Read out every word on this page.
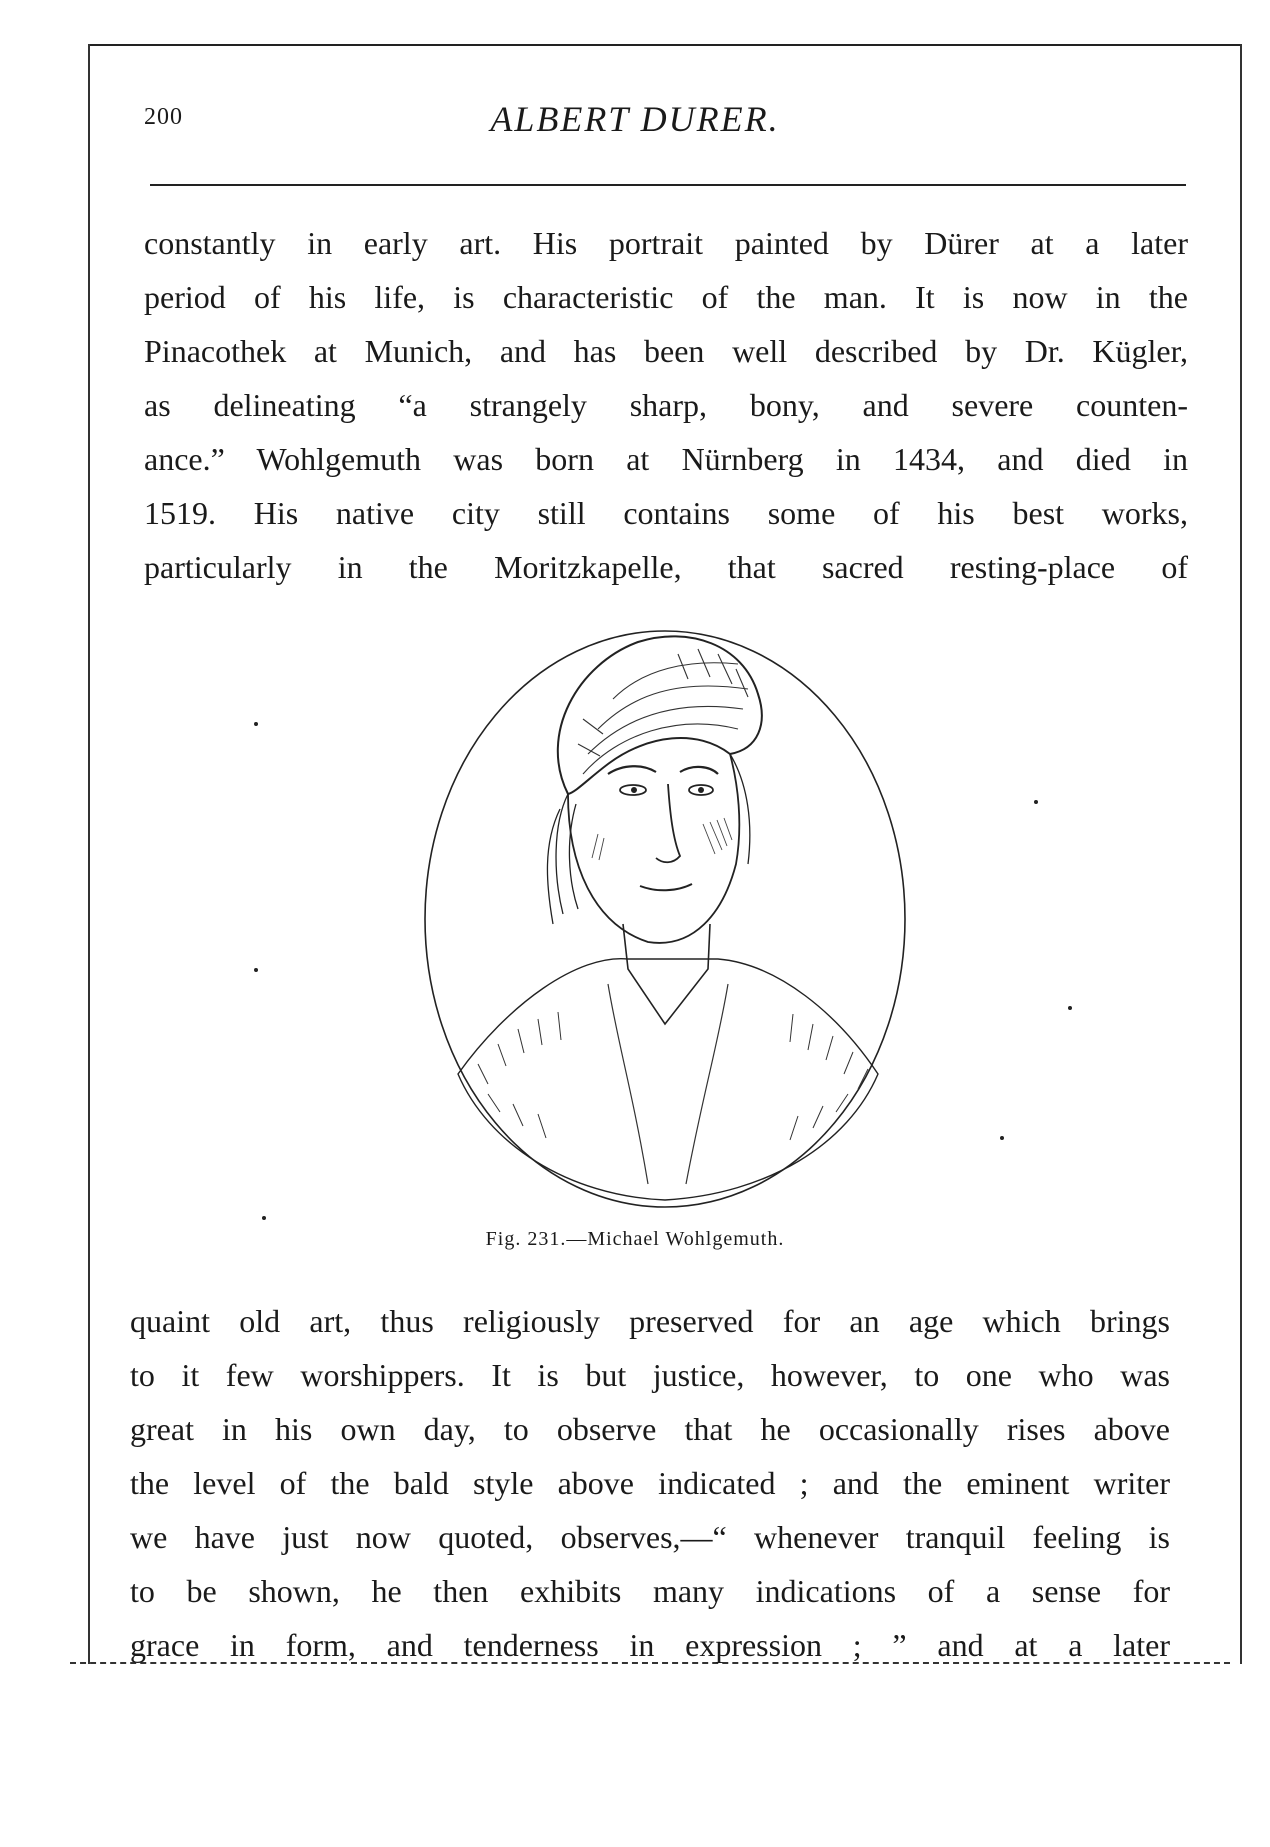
200	ALBERT DURER.
constantly in early art. His portrait painted by Dürer at a later
period of his life, is characteristic of the man. It is now in the
Pinacothek at Munich, and has been well described by Dr. Kügler,
as delineating “a strangely sharp, bony, and severe counten-
ance.” Wohlgemuth was born at Nürnberg in 1434, and died in
1519. His native city still contains some of his best works,
particularly in the Moritzkapelle, that sacred resting-place of
Fig. 231.—Michael Wohlgemuth.
quaint old art, thus religiously preserved for an age which brings
to it few worshippers. It is but justice, however, to one who was
great in his own day, to observe that he occasionally rises above
the level of the bald style above indicated ; and the eminent writer
we have just now quoted, observes,—“ whenever tranquil feeling is
to be shown, he then exhibits many indications of a sense for
grace in form, and tenderness in expression ; ” and at a later
